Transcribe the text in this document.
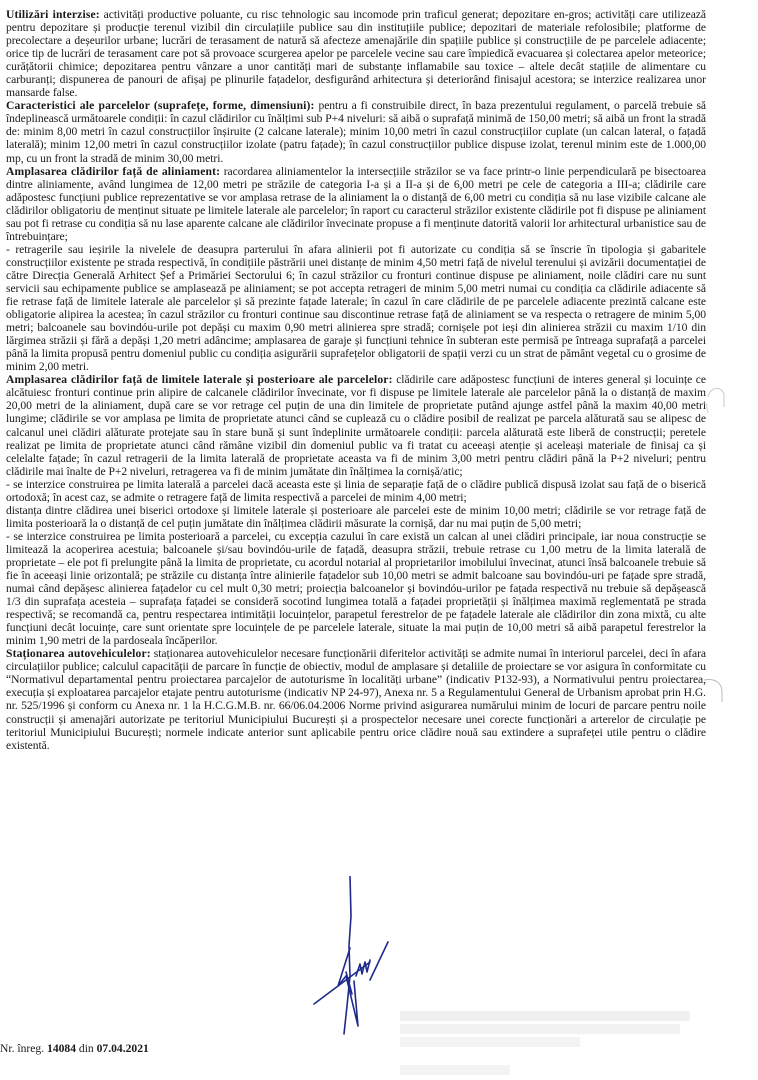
Utilizări interzise: activități productive poluante, cu risc tehnologic sau incomode prin traficul generat; depozitare en-gros; activități care utilizează pentru depozitare și producție terenul vizibil din circulațiile publice sau din instituțiile publice; depozitari de materiale refolosibile; platforme de precolectare a deșeurilor urbane; lucrări de terasament de natură să afecteze amenajările din spațiile publice și construcțiile de pe parcelele adiacente; orice tip de lucrări de terasament care pot să provoace scurgerea apelor pe parcelele vecine sau care împiedică evacuarea și colectarea apelor meteorice; curățătorii chimice; depozitarea pentru vânzare a unor cantități mari de substanțe inflamabile sau toxice – altele decât stațiile de alimentare cu carburanți; dispunerea de panouri de afișaj pe plinurile fațadelor, desfigurând arhitectura și deteriorând finisajul acestora; se interzice realizarea unor mansarde false.

Caracteristici ale parcelelor (suprafețe, forme, dimensiuni): pentru a fi construibile direct, în baza prezentului regulament, o parcelă trebuie să îndeplinească următoarele condiții: în cazul clădirilor cu înălțimi sub P+4 niveluri: să aibă o suprafață minimă de 150,00 metri; să aibă un front la stradă de: minim 8,00 metri în cazul construcțiilor înșiruite (2 calcane laterale); minim 10,00 metri în cazul construcțiilor cuplate (un calcan lateral, o fațadă laterală); minim 12,00 metri în cazul construcțiilor izolate (patru fațade); în cazul construcțiilor publice dispuse izolat, terenul minim este de 1.000,00 mp, cu un front la stradă de minim 30,00 metri.

Amplasarea clădirilor față de aliniament: racordarea aliniamentelor la intersecțiile străzilor se va face printr-o linie perpendiculară pe bisectoarea dintre aliniamente, având lungimea de 12,00 metri pe străzile de categoria I-a și a II-a și de 6,00 metri pe cele de categoria a III-a; clădirile care adăpostesc funcțiuni publice reprezentative se vor amplasa retrase de la aliniament la o distanță de 6,00 metri cu condiția să nu lase vizibile calcane ale clădirilor obligatoriu de menținut situate pe limitele laterale ale parcelelor; în raport cu caracterul străzilor existente clădirile pot fi dispuse pe aliniament sau pot fi retrase cu condiția să nu lase aparente calcane ale clădirilor învecinate propuse a fi menținute datorită valorii lor arhitectural urbanistice sau de întrebuințare;

- retragerile sau ieșirile la nivelele de deasupra parterului în afara alinierii pot fi autorizate cu condiția să se înscrie în tipologia și gabaritele construcțiilor existente pe strada respectivă, în condițiile păstrării unei distanțe de minim 4,50 metri față de nivelul terenului și avizării documentației de către Direcția Generală Arhitect Șef a Primăriei Sectorului 6; în cazul străzilor cu fronturi continue dispuse pe aliniament, noile clădiri care nu sunt servicii sau echipamente publice se amplasează pe aliniament; se pot accepta retrageri de minim 5,00 metri numai cu condiția ca clădirile adiacente să fie retrase față de limitele laterale ale parcelelor și să prezinte fațade laterale; în cazul în care clădirile de pe parcelele adiacente prezintă calcane este obligatorie alipirea la acestea; în cazul străzilor cu fronturi continue sau discontinue retrase față de aliniament se va respecta o retragere de minim 5,00 metri; balcoanele sau bovindóu-urile pot depăși cu maxim 0,90 metri alinierea spre stradă; cornișele pot ieși din alinierea străzii cu maxim 1/10 din lărgimea străzii și fără a depăși 1,20 metri adâncime; amplasarea de garaje și funcțiuni tehnice în subteran este permisă pe întreaga suprafață a parcelei până la limita propusă pentru domeniul public cu condiția asigurării suprafețelor obligatorii de spații verzi cu un strat de pământ vegetal cu o grosime de minim 2,00 metri.

Amplasarea clădirilor față de limitele laterale și posterioare ale parcelelor: clădirile care adăpostesc funcțiuni de interes general și locuințe ce alcătuiesc fronturi continue prin alipire de calcanele clădirilor învecinate, vor fi dispuse pe limitele laterale ale parcelelor până la o distanță de maxim 20,00 metri de la aliniament, după care se vor retrage cel puțin de una din limitele de proprietate putând ajunge astfel până la maxim 40,00 metri lungime; clădirile se vor amplasa pe limita de proprietate atunci când se cuplează cu o clădire posibil de realizat pe parcela alăturată sau se alipesc de calcanul unei clădiri alăturate protejate sau în stare bună și sunt îndeplinite următoarele condiții: parcela alăturată este liberă de construcții; peretele realizat pe limita de proprietate atunci când rămâne vizibil din domeniul public va fi tratat cu aceeași atenție și aceleași materiale de finisaj ca și celelalte fațade; în cazul retragerii de la limita laterală de proprietate aceasta va fi de minim 3,00 metri pentru clădiri până la P+2 niveluri; pentru clădirile mai înalte de P+2 niveluri, retragerea va fi de minim jumătate din înălțimea la cornișă/atic;

- se interzice construirea pe limita laterală a parcelei dacă aceasta este și linia de separație față de o clădire publică dispusă izolat sau față de o biserică ortodoxă; în acest caz, se admite o retragere față de limita respectivă a parcelei de minim 4,00 metri;

distanța dintre clădirea unei biserici ortodoxe și limitele laterale și posterioare ale parcelei este de minim 10,00 metri; clădirile se vor retrage față de limita posterioară la o distanță de cel puțin jumătate din înălțimea clădirii măsurate la cornișă, dar nu mai puțin de 5,00 metri;

- se interzice construirea pe limita posterioară a parcelei, cu excepția cazului în care există un calcan al unei clădiri principale, iar noua construcție se limitează la acoperirea acestuia; balcoanele și/sau bovindóu-urile de fațadă, deasupra străzii, trebuie retrase cu 1,00 metru de la limita laterală de proprietate – ele pot fi prelungite până la limita de proprietate, cu acordul notarial al proprietarilor imobilului învecinat, atunci însă balcoanele trebuie să fie în aceeași linie orizontală; pe străzile cu distanța între alinierile fațadelor sub 10,00 metri se admit balcoane sau bovindóu-uri pe fațade spre stradă, numai când depășesc alinierea fațadelor cu cel mult 0,30 metri; proiecția balcoanelor și bovindóu-urilor pe fațada respectivă nu trebuie să depășească 1/3 din suprafața acesteia – suprafața fațadei se consideră socotind lungimea totală a fațadei proprietății și înălțimea maximă reglementată pe strada respectivă; se recomandă ca, pentru respectarea intimității locuințelor, parapetul ferestrelor de pe fațadele laterale ale clădirilor din zona mixtă, cu alte funcțiuni decât locuințe, care sunt orientate spre locuințele de pe parcelele laterale, situate la mai puțin de 10,00 metri să aibă parapetul ferestrelor la minim 1,90 metri de la pardoseala încăperilor.

Staționarea autovehiculelor: staționarea autovehiculelor necesare funcționării diferitelor activități se admite numai în interiorul parcelei, deci în afara circulațiilor publice; calculul capacității de parcare în funcție de obiectiv, modul de amplasare și detaliile de proiectare se vor asigura în conformitate cu “Normativul departamental pentru proiectarea parcajelor de autoturisme în localități urbane” (indicativ P132-93), a Normativului pentru proiectarea, execuția și exploatarea parcajelor etajate pentru autoturisme (indicativ NP 24-97), Anexa nr. 5 a Regulamentului General de Urbanism aprobat prin H.G. nr. 525/1996 și conform cu Anexa nr. 1 la H.C.G.M.B. nr. 66/06.04.2006 Norme privind asigurarea numărului minim de locuri de parcare pentru noile construcții și amenajări autorizate pe teritoriul Municipiului București și a prospectelor necesare unei corecte funcționări a arterelor de circulație pe teritoriul Municipiului București; normele indicate anterior sunt aplicabile pentru orice clădire nouă sau extindere a suprafeței utile pentru o clădire existentă.

Nr. înreg. 14084 din 07.04.2021
